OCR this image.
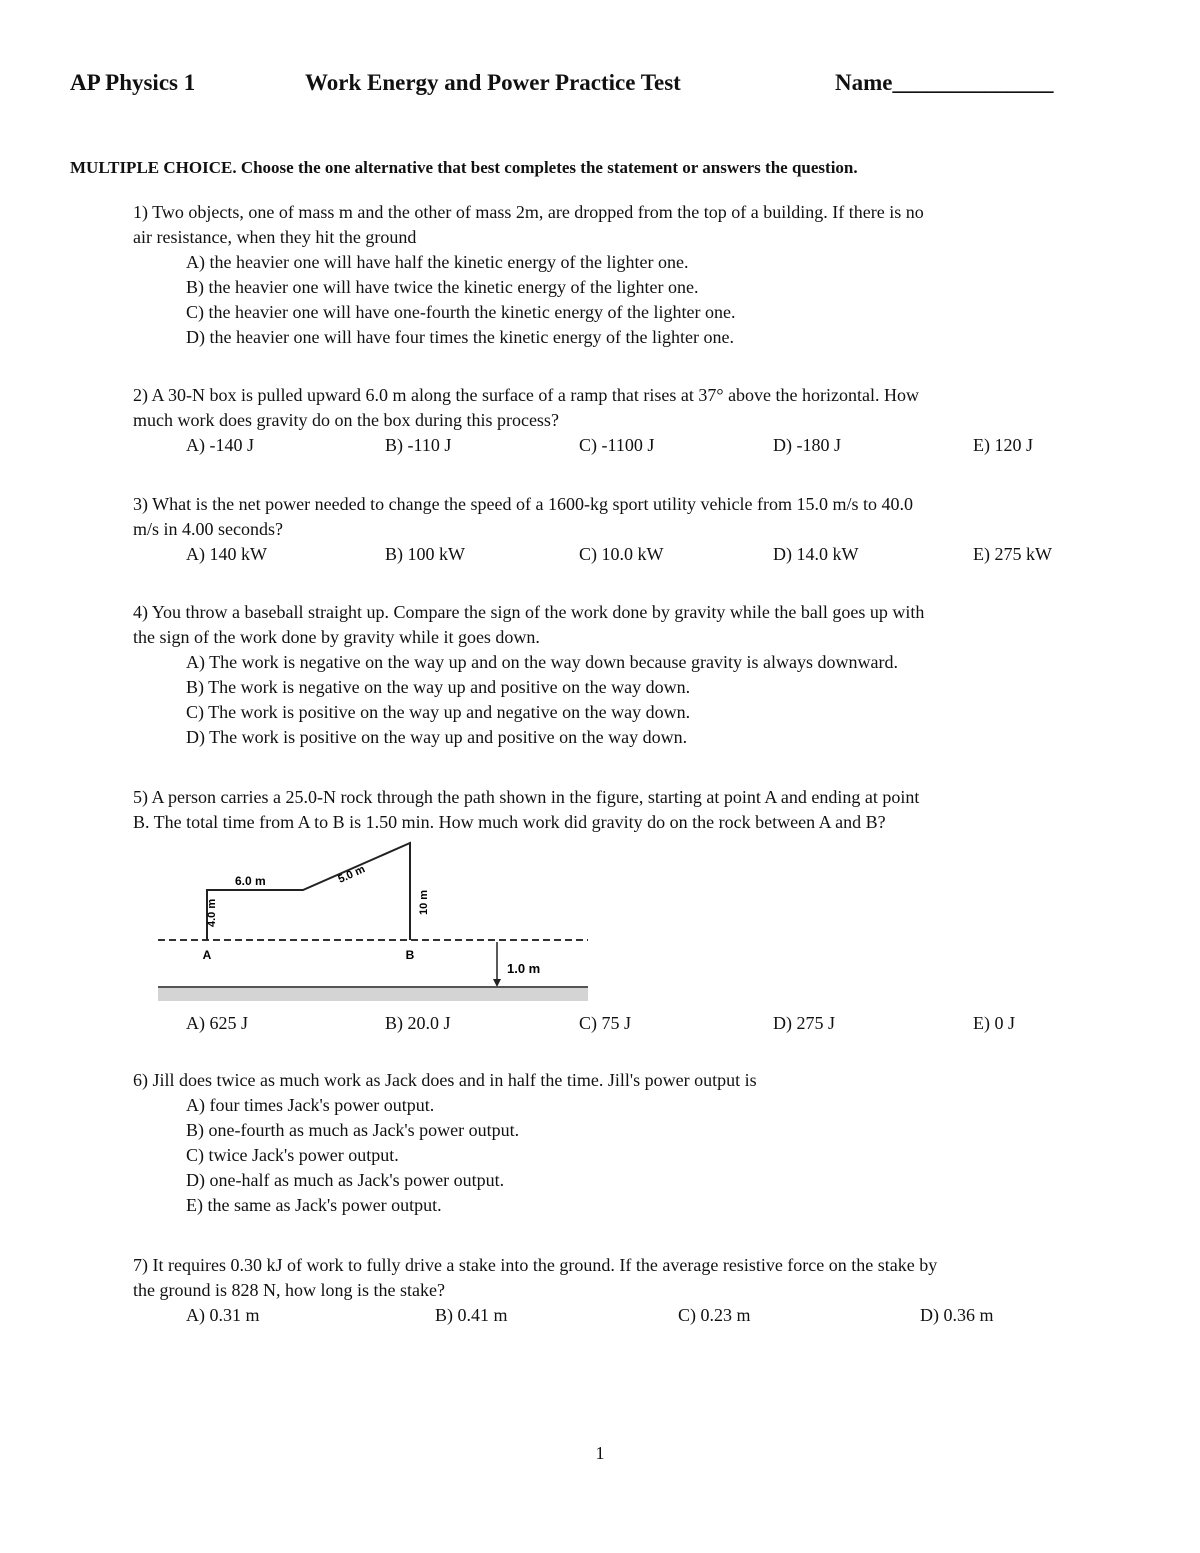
AP Physics 1	Work Energy and Power Practice Test	Name______________
MULTIPLE CHOICE. Choose the one alternative that best completes the statement or answers the question.
1) Two objects, one of mass m and the other of mass 2m, are dropped from the top of a building. If there is no
air resistance, when they hit the ground
A) the heavier one will have half the kinetic energy of the lighter one.
B) the heavier one will have twice the kinetic energy of the lighter one.
C) the heavier one will have one-fourth the kinetic energy of the lighter one.
D) the heavier one will have four times the kinetic energy of the lighter one.
2) A 30-N box is pulled upward 6.0 m along the surface of a ramp that rises at 37° above the horizontal. How
much work does gravity do on the box during this process?
A) -140 J	B) -110 J	C) -1100 J	D) -180 J	E) 120 J
3) What is the net power needed to change the speed of a 1600-kg sport utility vehicle from 15.0 m/s to 40.0
m/s in 4.00 seconds?
A) 140 kW	B) 100 kW	C) 10.0 kW	D) 14.0 kW	E) 275 kW
4) You throw a baseball straight up. Compare the sign of the work done by gravity while the ball goes up with
the sign of the work done by gravity while it goes down.
A) The work is negative on the way up and on the way down because gravity is always downward.
B) The work is negative on the way up and positive on the way down.
C) The work is positive on the way up and negative on the way down.
D) The work is positive on the way up and positive on the way down.
5) A person carries a 25.0-N rock through the path shown in the figure, starting at point A and ending at point
B. The total time from A to B is 1.50 min. How much work did gravity do on the rock between A and B?
6.0 m	5.0 m
4.0 m	10 m
A	B
1.0 m
A) 625 J	B) 20.0 J	C) 75 J	D) 275 J	E) 0 J
6) Jill does twice as much work as Jack does and in half the time. Jill's power output is
A) four times Jack's power output.
B) one-fourth as much as Jack's power output.
C) twice Jack's power output.
D) one-half as much as Jack's power output.
E) the same as Jack's power output.
7) It requires 0.30 kJ of work to fully drive a stake into the ground. If the average resistive force on the stake by
the ground is 828 N, how long is the stake?
A) 0.31 m	B) 0.41 m	C) 0.23 m	D) 0.36 m
1
